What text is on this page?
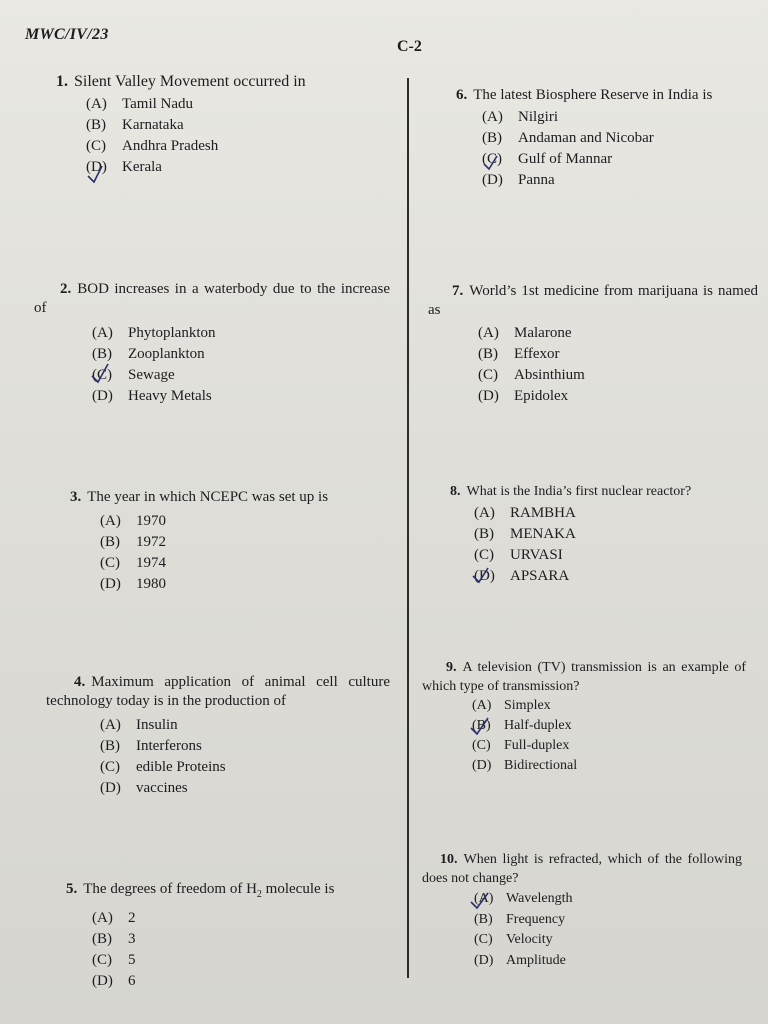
MWC/IV/23
C-2
1. Silent Valley Movement occurred in
(A)	Tamil Nadu
(B)	Karnataka
(C)	Andhra Pradesh
(D)	Kerala
2. BOD increases in a waterbody due to the increase of
(A)	Phytoplankton
(B)	Zooplankton
(C)	Sewage
(D)	Heavy Metals
3. The year in which NCEPC was set up is
(A)	1970
(B)	1972
(C)	1974
(D)	1980
4. Maximum application of animal cell culture technology today is in the production of
(A)	Insulin
(B)	Interferons
(C)	edible Proteins
(D)	vaccines
5. The degrees of freedom of $H_2$ molecule is
(A)	2
(B)	3
(C)	5
(D)	6
6. The latest Biosphere Reserve in India is
(A)	Nilgiri
(B)	Andaman and Nicobar
(C)	Gulf of Mannar
(D)	Panna
7. World’s 1st medicine from marijuana is named as
(A)	Malarone
(B)	Effexor
(C)	Absinthium
(D)	Epidolex
8. What is the India’s first nuclear reactor?
(A)	RAMBHA
(B)	MENAKA
(C)	URVASI
(D)	APSARA
9. A television (TV) transmission is an example of which type of transmission?
(A) Simplex
(B) Half-duplex
(C) Full-duplex
(D) Bidirectional
10. When light is refracted, which of the following does not change?
(A) Wavelength
(B) Frequency
(C) Velocity
(D) Amplitude
